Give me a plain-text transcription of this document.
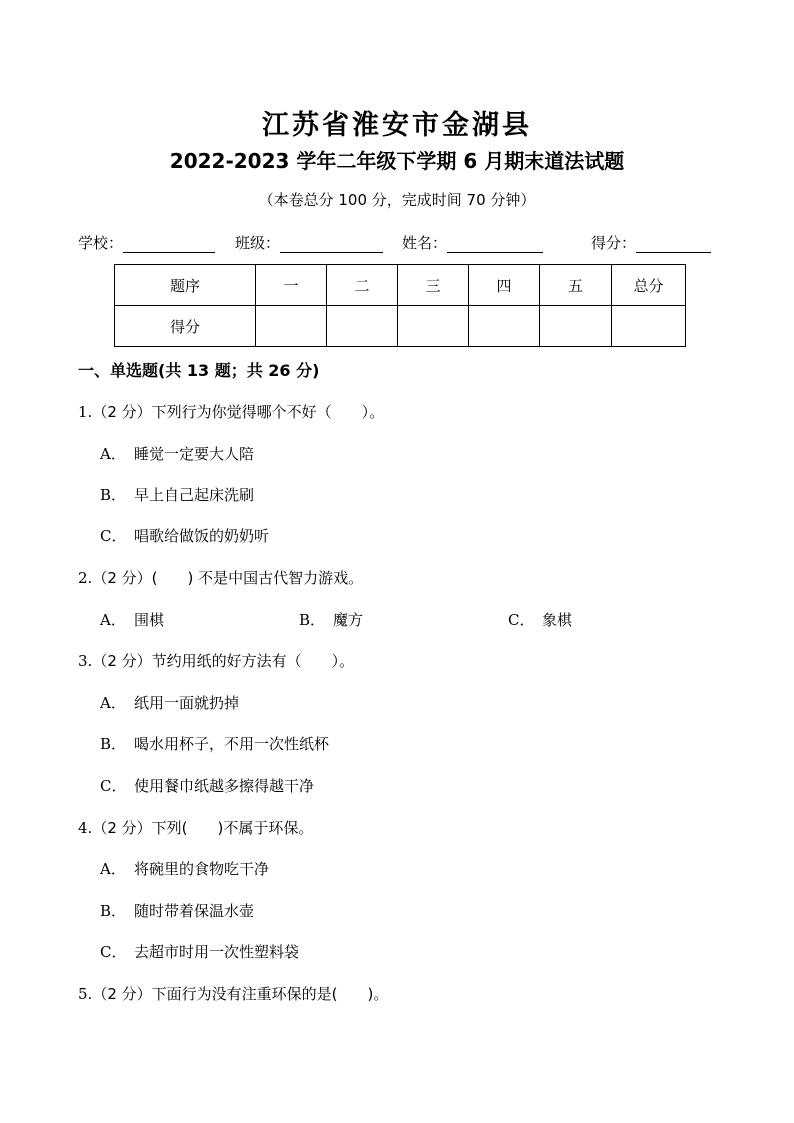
江苏省淮安市金湖县
2022-2023 学年二年级下学期 6 月期末道法试题
（本卷总分 100 分，完成时间 70 分钟）
学校：	班级：	姓名：	得分：
题序	一	二	三	四	五	总分
得分						
一、单选题(共 13 题；共 26 分)
1.（2 分）下列行为你觉得哪个不好（　　）。
A． 睡觉一定要大人陪
B． 早上自己起床洗刷
C． 唱歌给做饭的奶奶听
2.（2 分）(　　) 不是中国古代智力游戏。
A． 围棋	B． 魔方	C． 象棋
3.（2 分）节约用纸的好方法有（　　）。
A． 纸用一面就扔掉
B． 喝水用杯子，不用一次性纸杯
C． 使用餐巾纸越多擦得越干净
4.（2 分）下列(　　)不属于环保。
A． 将碗里的食物吃干净
B． 随时带着保温水壶
C． 去超市时用一次性塑料袋
5.（2 分）下面行为没有注重环保的是(　　)。
